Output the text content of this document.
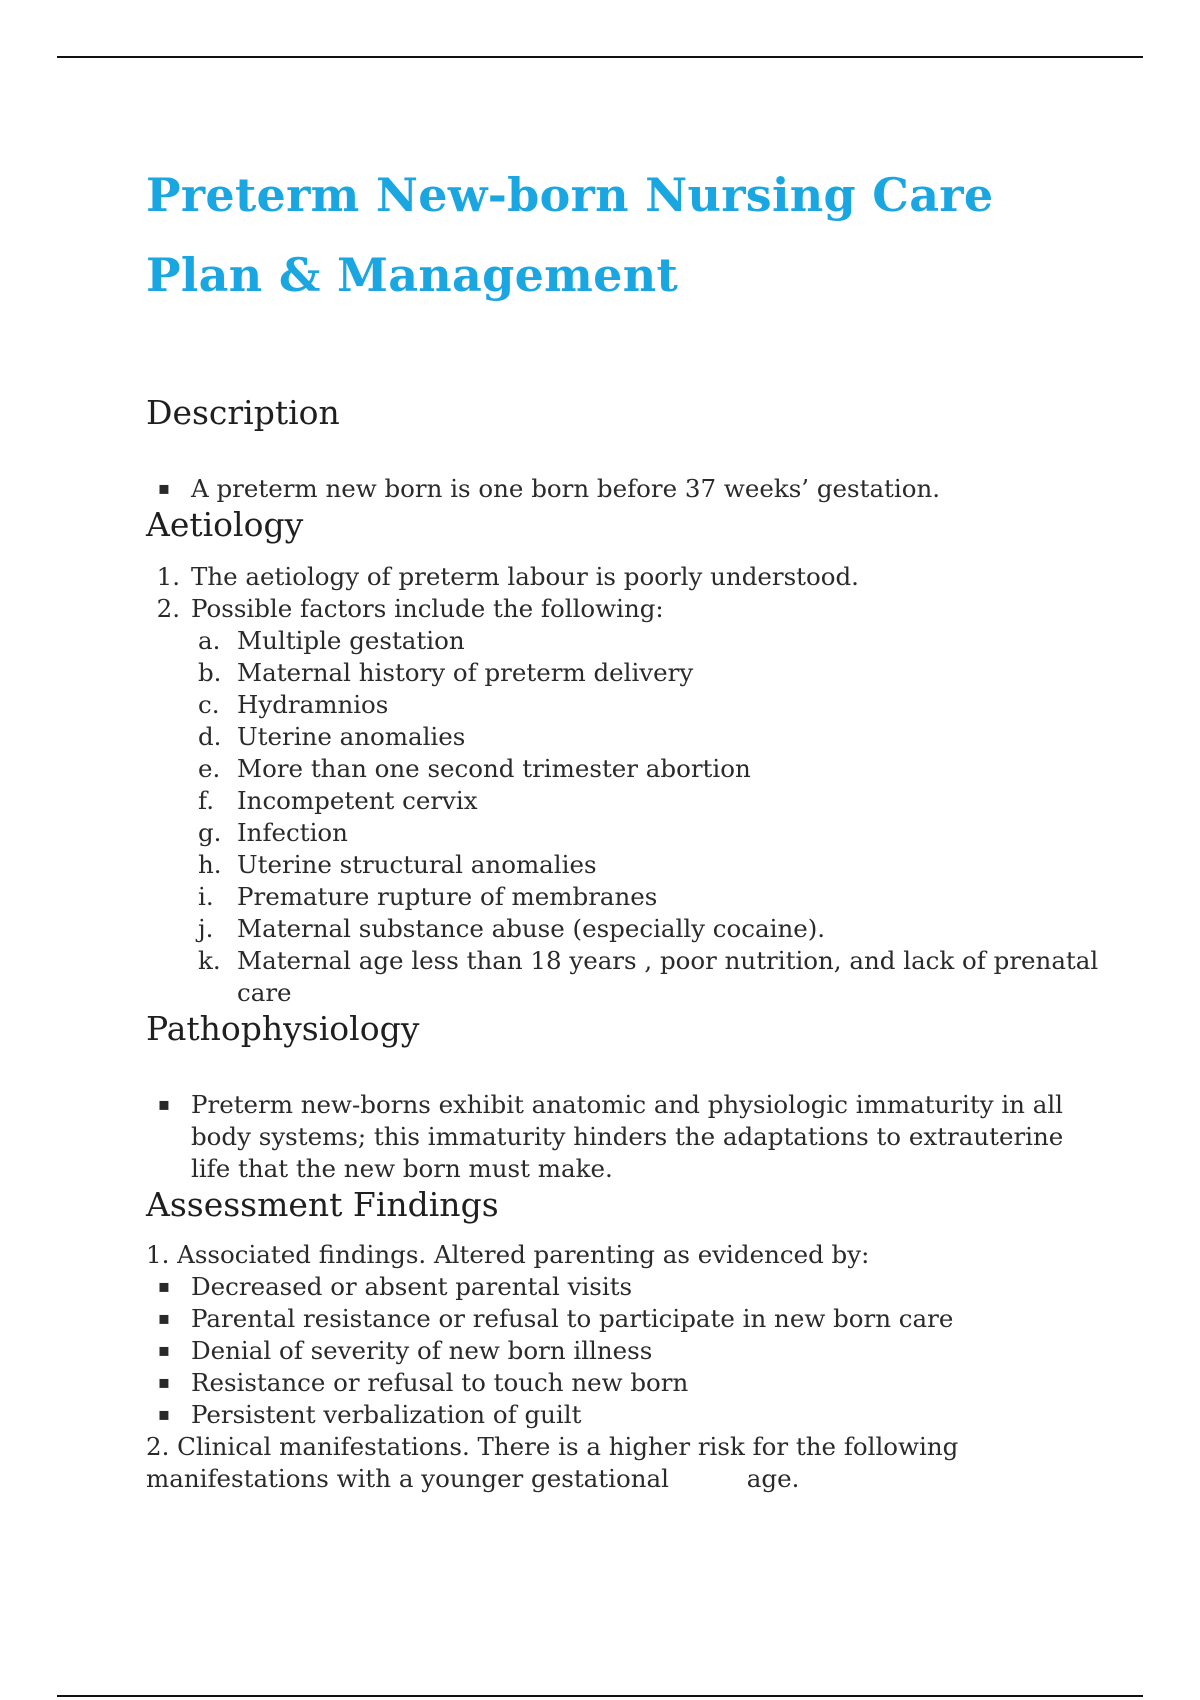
Preterm New-born Nursing Care Plan & Management
Description
▪ A preterm new born is one born before 37 weeks’ gestation.
Aetiology
1. The aetiology of preterm labour is poorly understood.
2. Possible factors include the following:
a. Multiple gestation
b. Maternal history of preterm delivery
c. Hydramnios
d. Uterine anomalies
e. More than one second trimester abortion
f. Incompetent cervix
g. Infection
h. Uterine structural anomalies
i. Premature rupture of membranes
j. Maternal substance abuse (especially cocaine).
k. Maternal age less than 18 years , poor nutrition, and lack of prenatal care
Pathophysiology
▪ Preterm new-borns exhibit anatomic and physiologic immaturity in all body systems; this immaturity hinders the adaptations to extrauterine life that the new born must make.
Assessment Findings
1. Associated findings. Altered parenting as evidenced by:
▪ Decreased or absent parental visits
▪ Parental resistance or refusal to participate in new born care
▪ Denial of severity of new born illness
▪ Resistance or refusal to touch new born
▪ Persistent verbalization of guilt
2. Clinical manifestations. There is a higher risk for the following manifestations with a younger gestational          age.
